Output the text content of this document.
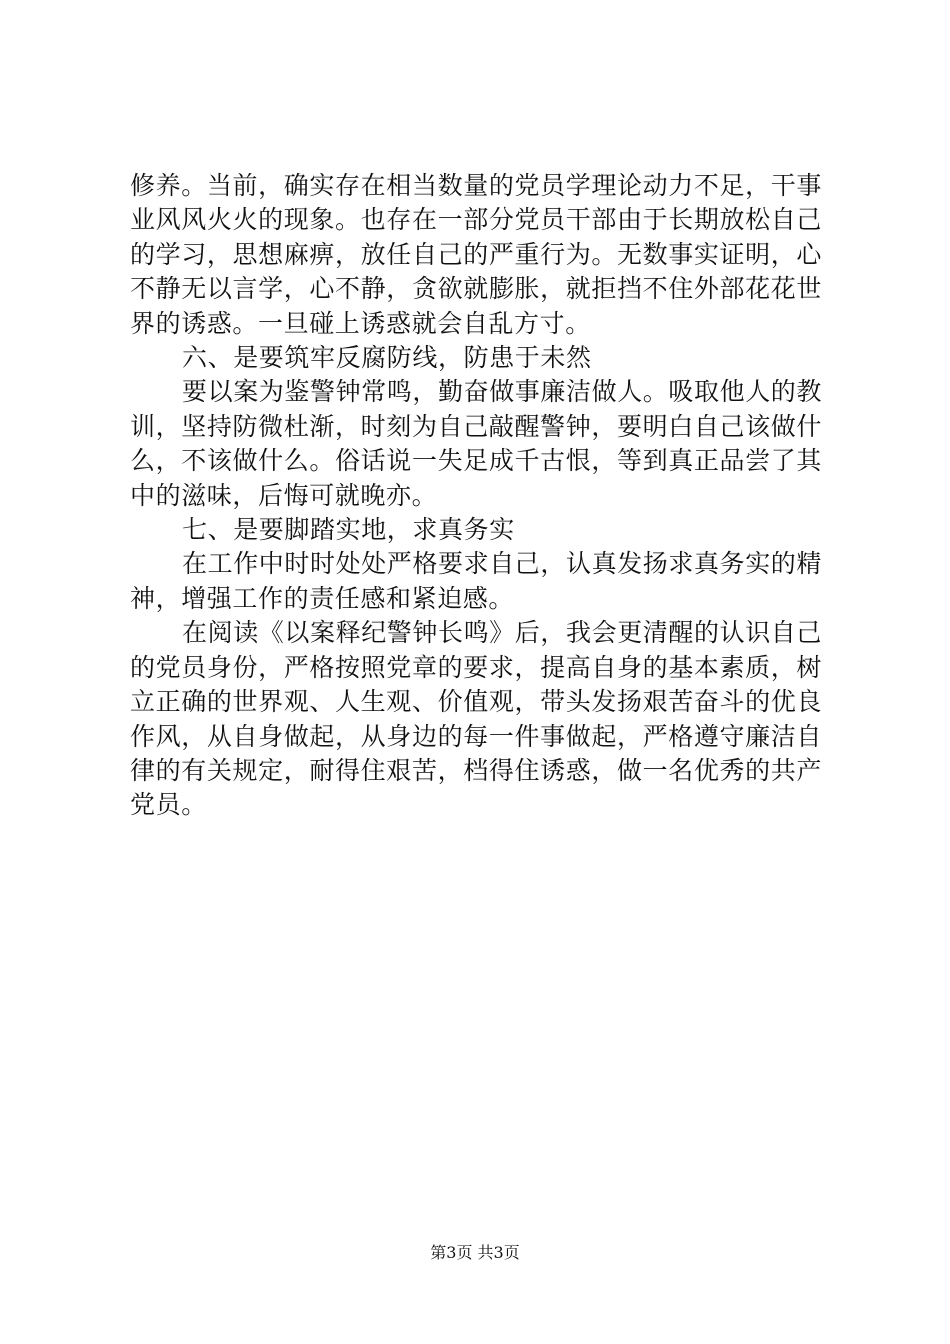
修养。当前，确实存在相当数量的党员学理论动力不足，干事业风风火火的现象。也存在一部分党员干部由于长期放松自己的学习，思想麻痹，放任自己的严重行为。无数事实证明，心不静无以言学，心不静，贪欲就膨胀，就拒挡不住外部花花世界的诱惑。一旦碰上诱惑就会自乱方寸。

六、是要筑牢反腐防线，防患于未然

要以案为鉴警钟常鸣，勤奋做事廉洁做人。吸取他人的教训，坚持防微杜渐，时刻为自己敲醒警钟，要明白自己该做什么，不该做什么。俗话说一失足成千古恨，等到真正品尝了其中的滋味，后悔可就晚亦。

七、是要脚踏实地，求真务实

在工作中时时处处严格要求自己，认真发扬求真务实的精神，增强工作的责任感和紧迫感。

在阅读《以案释纪警钟长鸣》后，我会更清醒的认识自己的党员身份，严格按照党章的要求，提高自身的基本素质，树立正确的世界观、人生观、价值观，带头发扬艰苦奋斗的优良作风，从自身做起，从身边的每一件事做起，严格遵守廉洁自律的有关规定，耐得住艰苦，档得住诱惑，做一名优秀的共产党员。

第3页 共3页
